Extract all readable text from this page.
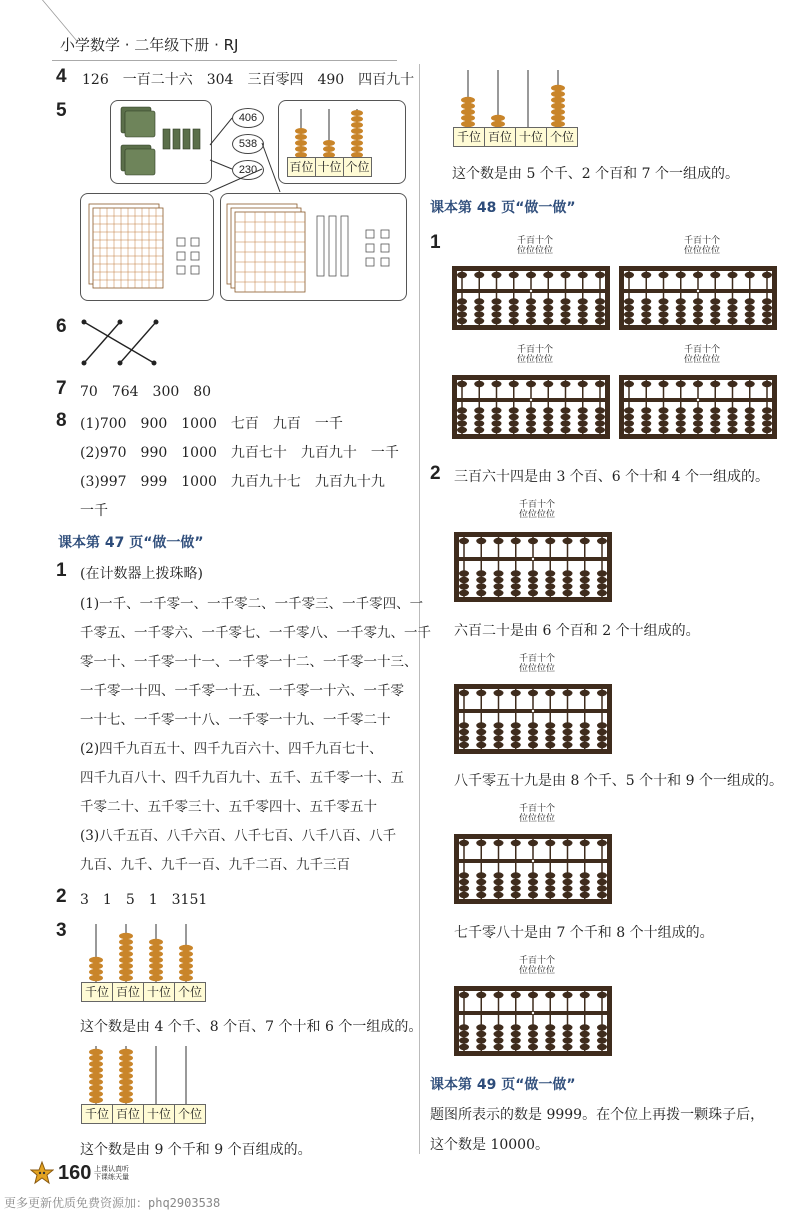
小学数学 · 二年级下册 · RJ
4 126　一百二十六　304　三百零四　490　四百九十
5	406
538
230	百位 十位 个位
6
7 70　764　300　80
8 (1)700　900　1000　七百　九百　一千
(2)970　990　1000　九百七十　九百九十　一千
(3)997　999　1000　九百九十七　九百九十九
一千
课本第 47 页“做一做”
1 (在计数器上拨珠略)
(1)一千、一千零一、一千零二、一千零三、一千零四、一
千零五、一千零六、一千零七、一千零八、一千零九、一千
零一十、一千零一十一、一千零一十二、一千零一十三、
一千零一十四、一千零一十五、一千零一十六、一千零
一十七、一千零一十八、一千零一十九、一千零二十
(2)四千九百五十、四千九百六十、四千九百七十、
四千九百八十、四千九百九十、五千、五千零一十、五
千零二十、五千零三十、五千零四十、五千零五十
(3)八千五百、八千六百、八千七百、八千八百、八千
九百、九千、九千一百、九千二百、九千三百
2 3　1　5　1　3151
3
千位 百位 十位 个位
这个数是由 4 个千、8 个百、7 个十和 6 个一组成的。
千位 百位 十位 个位
这个数是由 9 个千和 9 个百组成的。
千位 百位 十位 个位
这个数是由 5 个千、2 个百和 7 个一组成的。
课本第 48 页“做一做”
1	千百十个
位位位位
千百十个
位位位位
千百十个
位位位位
千百十个
位位位位
2 三百六十四是由 3 个百、6 个十和 4 个一组成的。
千百十个
位位位位
六百二十是由 6 个百和 2 个十组成的。
千百十个
位位位位
八千零五十九是由 8 个千、5 个十和 9 个一组成的。
千百十个
位位位位
七千零八十是由 7 个千和 8 个十组成的。
千百十个
位位位位
课本第 49 页“做一做”
题图所表示的数是 9999。在个位上再拨一颗珠子后，
这个数是 10000。
160 上课认真听
下课练天量
更多更新优质免费资源加：phq2903538
